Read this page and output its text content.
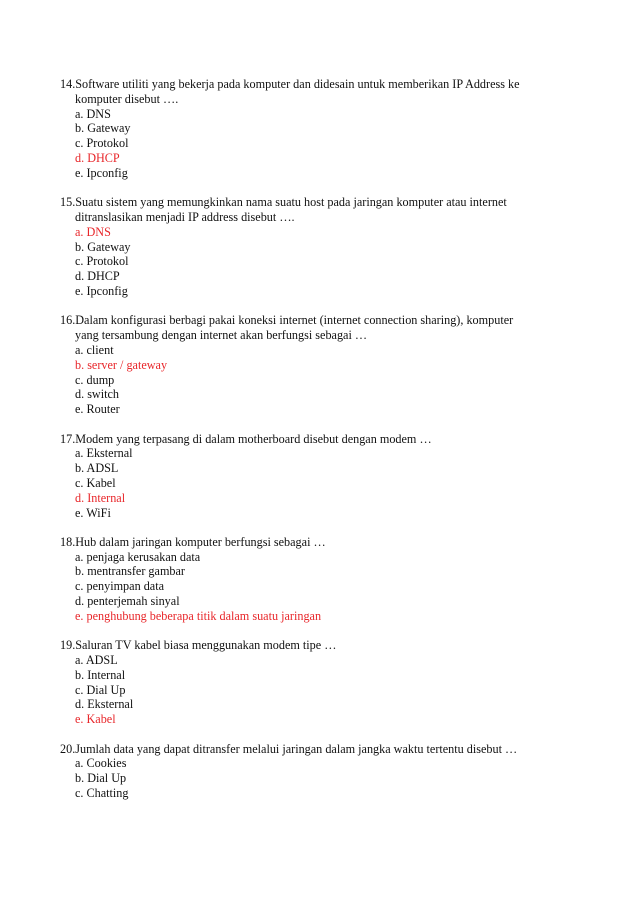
14.Software utiliti yang bekerja pada komputer dan didesain untuk memberikan IP Address ke
komputer disebut ….
a. DNS
b. Gateway
c. Protokol
d. DHCP
e. Ipconfig
15.Suatu sistem yang memungkinkan nama suatu host pada jaringan komputer atau internet
ditranslasikan menjadi IP address disebut ….
a. DNS
b. Gateway
c. Protokol
d. DHCP
e. Ipconfig
16.Dalam konfigurasi berbagi pakai koneksi internet (internet connection sharing), komputer
yang tersambung dengan internet akan berfungsi sebagai …
a. client
b. server / gateway
c. dump
d. switch
e. Router
17.Modem yang terpasang di dalam motherboard disebut dengan modem …
a. Eksternal
b. ADSL
c. Kabel
d. Internal
e. WiFi
18.Hub dalam jaringan komputer berfungsi sebagai …
a. penjaga kerusakan data
b. mentransfer gambar
c. penyimpan data
d. penterjemah sinyal
e. penghubung beberapa titik dalam suatu jaringan
19.Saluran TV kabel biasa menggunakan modem tipe …
a. ADSL
b. Internal
c. Dial Up
d. Eksternal
e. Kabel
20.Jumlah data yang dapat ditransfer melalui jaringan dalam jangka waktu tertentu disebut …
a. Cookies
b. Dial Up
c. Chatting
